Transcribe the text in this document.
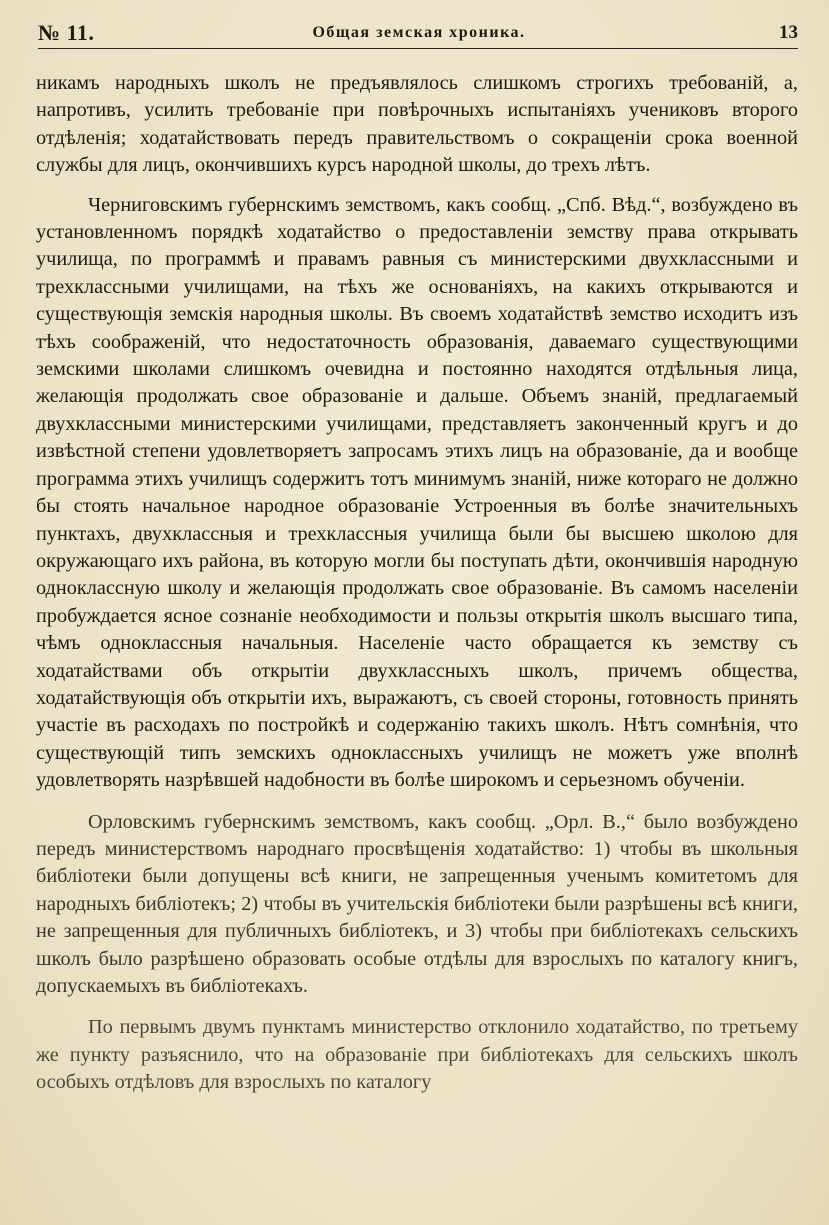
№ 11.	Общая земская хроника.	13

никамъ народныхъ школъ не предъявлялось слишкомъ строгихъ требованій, а, напротивъ, усилить требованіе при повѣрочныхъ испытаніяхъ учениковъ второго отдѣленія; ходатайствовать передъ правительствомъ о сокращеніи срока военной службы для лицъ, окончившихъ курсъ народной школы, до трехъ лѣтъ.

Черниговскимъ губернскимъ земствомъ, какъ сообщ. „Спб. Вѣд.“, возбуждено въ установленномъ порядкѣ ходатайство о предоставленіи земству права открывать училища, по программѣ и правамъ равныя съ министерскими двухклассными и трехклассными училищами, на тѣхъ же основаніяхъ, на какихъ открываются и существующія земскія народныя школы. Въ своемъ ходатайствѣ земство исходитъ изъ тѣхъ соображеній, что недостаточность образованія, даваемаго существующими земскими школами слишкомъ очевидна и постоянно находятся отдѣльныя лица, желающія продолжать свое образованіе и дальше. Объемъ знаній, предлагаемый двухклассными министерскими училищами, представляетъ законченный кругъ и до извѣстной степени удовлетворяетъ запросамъ этихъ лицъ на образованіе, да и вообще программа этихъ училищъ содержитъ тотъ минимумъ знаній, ниже котораго не должно бы стоять начальное народное образованіе Устроенныя въ болѣе значительныхъ пунктахъ, двухклассныя и трехклассныя училища были бы высшею школою для окружающаго ихъ района, въ которую могли бы поступать дѣти, окончившія народную одноклассную школу и желающія продолжать свое образованіе. Въ самомъ населеніи пробуждается ясное сознаніе необходимости и пользы открытія школъ высшаго типа, чѣмъ одноклассныя начальныя. Населеніе часто обращается къ земству съ ходатайствами объ открытіи двухклассныхъ школъ, причемъ общества, ходатайствующія объ открытіи ихъ, выражаютъ, съ своей стороны, готовность принять участіе въ расходахъ по постройкѣ и содержанію такихъ школъ. Нѣтъ сомнѣнія, что существующій типъ земскихъ одноклассныхъ училищъ не можетъ уже вполнѣ удовлетворять назрѣвшей надобности въ болѣе широкомъ и серьезномъ обученіи.

Орловскимъ губернскимъ земствомъ, какъ сообщ. „Орл. В.,“ было возбуждено передъ министерствомъ народнаго просвѣщенія ходатайство: 1) чтобы въ школьныя библіотеки были допущены всѣ книги, не запрещенныя ученымъ комитетомъ для народныхъ библіотекъ; 2) чтобы въ учительскія библіотеки были разрѣшены всѣ книги, не запрещенныя для публичныхъ библіотекъ, и 3) чтобы при библіотекахъ сельскихъ школъ было разрѣшено образовать особые отдѣлы для взрослыхъ по каталогу книгъ, допускаемыхъ въ библіотекахъ.

По первымъ двумъ пунктамъ министерство отклонило ходатайство, по третьему же пункту разъяснило, что на образованіе при библіотекахъ для сельскихъ школъ особыхъ отдѣловъ для взрослыхъ по каталогу
